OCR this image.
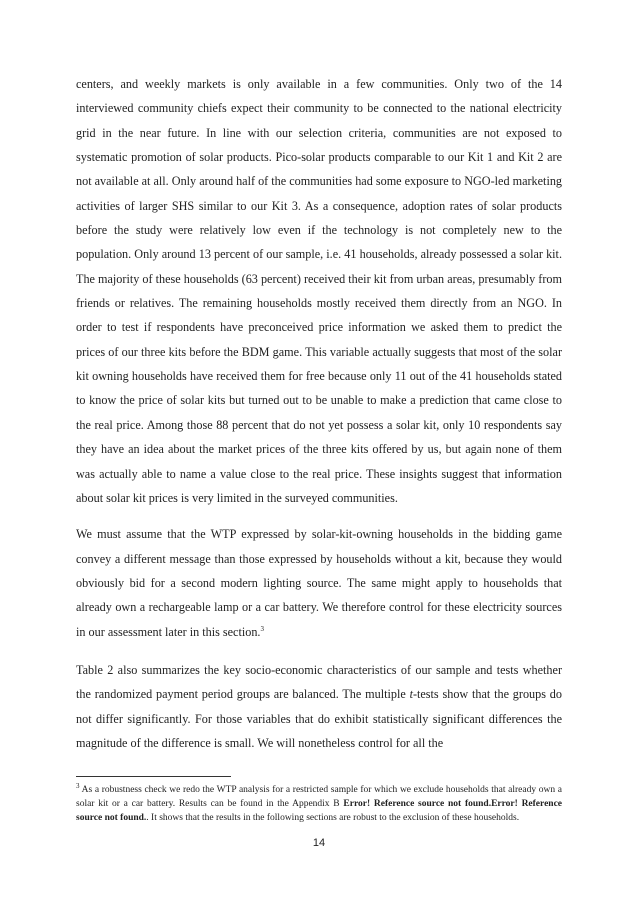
centers, and weekly markets is only available in a few communities. Only two of the 14 interviewed community chiefs expect their community to be connected to the national electricity grid in the near future. In line with our selection criteria, communities are not exposed to systematic promotion of solar products. Pico-solar products comparable to our Kit 1 and Kit 2 are not available at all. Only around half of the communities had some exposure to NGO-led marketing activities of larger SHS similar to our Kit 3. As a consequence, adoption rates of solar products before the study were relatively low even if the technology is not completely new to the population. Only around 13 percent of our sample, i.e. 41 households, already possessed a solar kit. The majority of these households (63 percent) received their kit from urban areas, presumably from friends or relatives. The remaining households mostly received them directly from an NGO. In order to test if respondents have preconceived price information we asked them to predict the prices of our three kits before the BDM game. This variable actually suggests that most of the solar kit owning households have received them for free because only 11 out of the 41 households stated to know the price of solar kits but turned out to be unable to make a prediction that came close to the real price. Among those 88 percent that do not yet possess a solar kit, only 10 respondents say they have an idea about the market prices of the three kits offered by us, but again none of them was actually able to name a value close to the real price. These insights suggest that information about solar kit prices is very limited in the surveyed communities.

We must assume that the WTP expressed by solar-kit-owning households in the bidding game convey a different message than those expressed by households without a kit, because they would obviously bid for a second modern lighting source. The same might apply to households that already own a rechargeable lamp or a car battery. We therefore control for these electricity sources in our assessment later in this section.$^3$

Table 2 also summarizes the key socio-economic characteristics of our sample and tests whether the randomized payment period groups are balanced. The multiple t-tests show that the groups do not differ significantly. For those variables that do exhibit statistically significant differences the magnitude of the difference is small. We will nonetheless control for all the

$^3$ As a robustness check we redo the WTP analysis for a restricted sample for which we exclude households that already own a solar kit or a car battery. Results can be found in the Appendix B Error! Reference source not found.Error! Reference source not found.. It shows that the results in the following sections are robust to the exclusion of these households.
14
